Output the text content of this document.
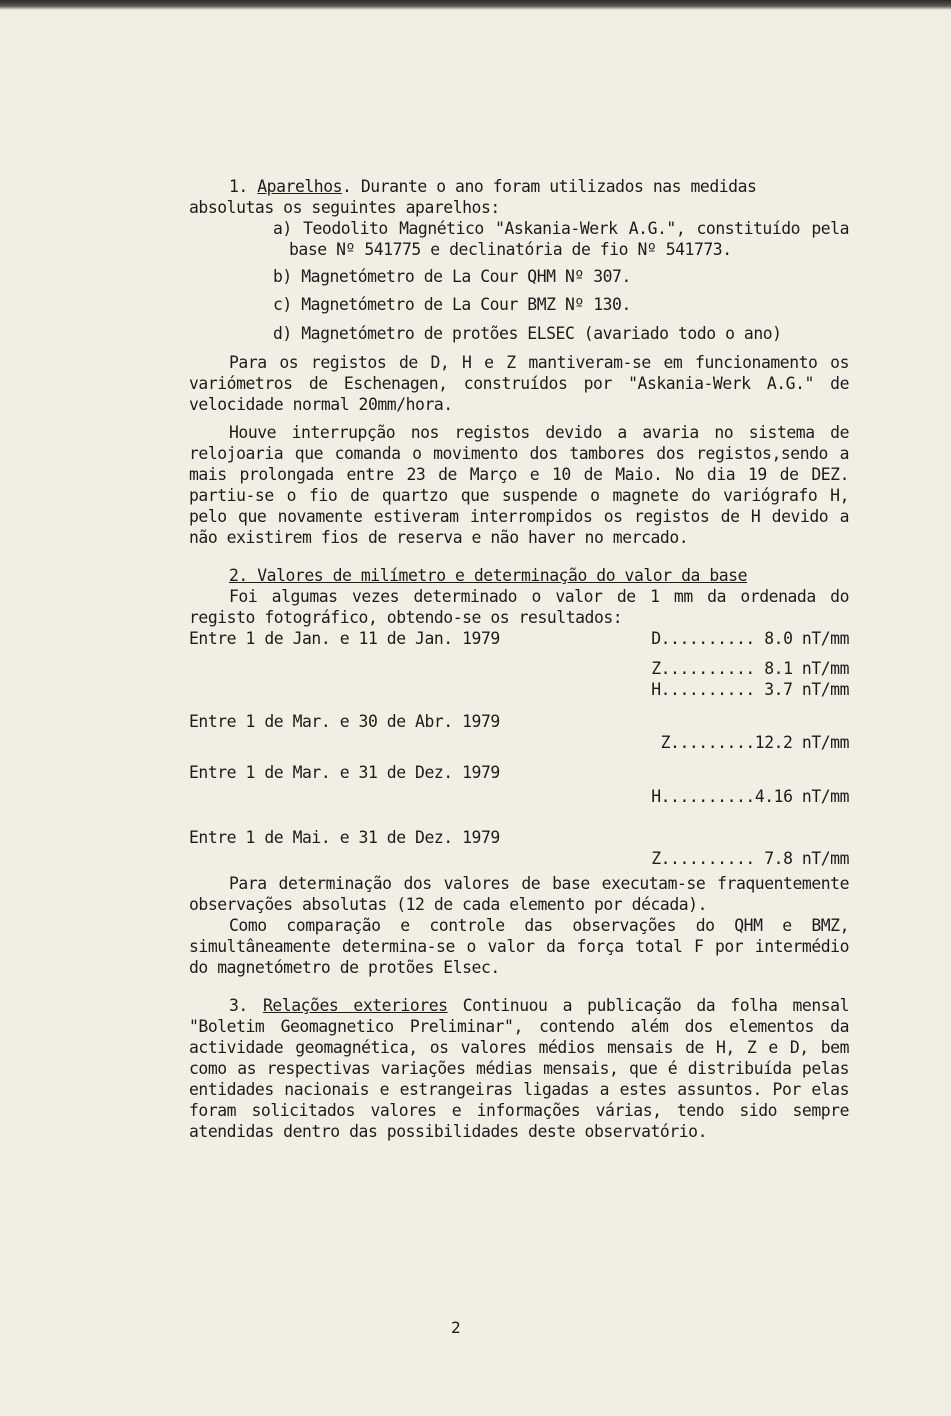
1. Aparelhos. Durante o ano foram utilizados nas medidas

absolutas os seguintes aparelhos:

a) Teodolito Magnético "Askania-Werk A.G.", constituído pela base Nº 541775 e declinatória de fio Nº 541773.

b) Magnetómetro de La Cour QHM Nº 307.

c) Magnetómetro de La Cour BMZ Nº 130.

d) Magnetómetro de protões ELSEC (avariado todo o ano)

Para os registos de D, H e Z mantiveram-se em funcionamento os variómetros de Eschenagen, construídos por "Askania-Werk A.G." de velocidade normal 20mm/hora.

Houve interrupção nos registos devido a avaria no sistema de relojoaria que comanda o movimento dos tambores dos registos,sendo a mais prolongada entre 23 de Março e 10 de Maio. No dia 19 de DEZ. partiu-se o fio de quartzo que suspende o magnete do variógrafo H, pelo que novamente estiveram interrompidos os registos de H devido a não existirem fios de reserva e não haver no mercado.

2. Valores de milímetro e determinação do valor da base

Foi algumas vezes determinado o valor de 1 mm da ordenada do registo fotográfico, obtendo-se os resultados:

Entre 1 de Jan. e 11 de Jan. 1979	D.......... 8.0 nT/mm
Z.......... 8.1 nT/mm
H.......... 3.7 nT/mm
Entre 1 de Mar. e 30 de Abr. 1979
Z.........12.2 nT/mm
Entre 1 de Mar. e 31 de Dez. 1979
H..........4.16 nT/mm
Entre 1 de Mai. e 31 de Dez. 1979
Z.......... 7.8 nT/mm

Para determinação dos valores de base executam-se fraquentemente observações absolutas (12 de cada elemento por década).

Como comparação e controle das observações do QHM e BMZ, simultâneamente determina-se o valor da força total F por intermédio do magnetómetro de protões Elsec.

3. Relações exteriores Continuou a publicação da folha mensal "Boletim Geomagnetico Preliminar", contendo além dos elementos da actividade geomagnética, os valores médios mensais de H, Z e D, bem como as respectivas variações médias mensais, que é distribuída pelas entidades nacionais e estrangeiras ligadas a estes assuntos. Por elas foram solicitados valores e informações várias, tendo sido sempre atendidas dentro das possibilidades deste observatório.

2
